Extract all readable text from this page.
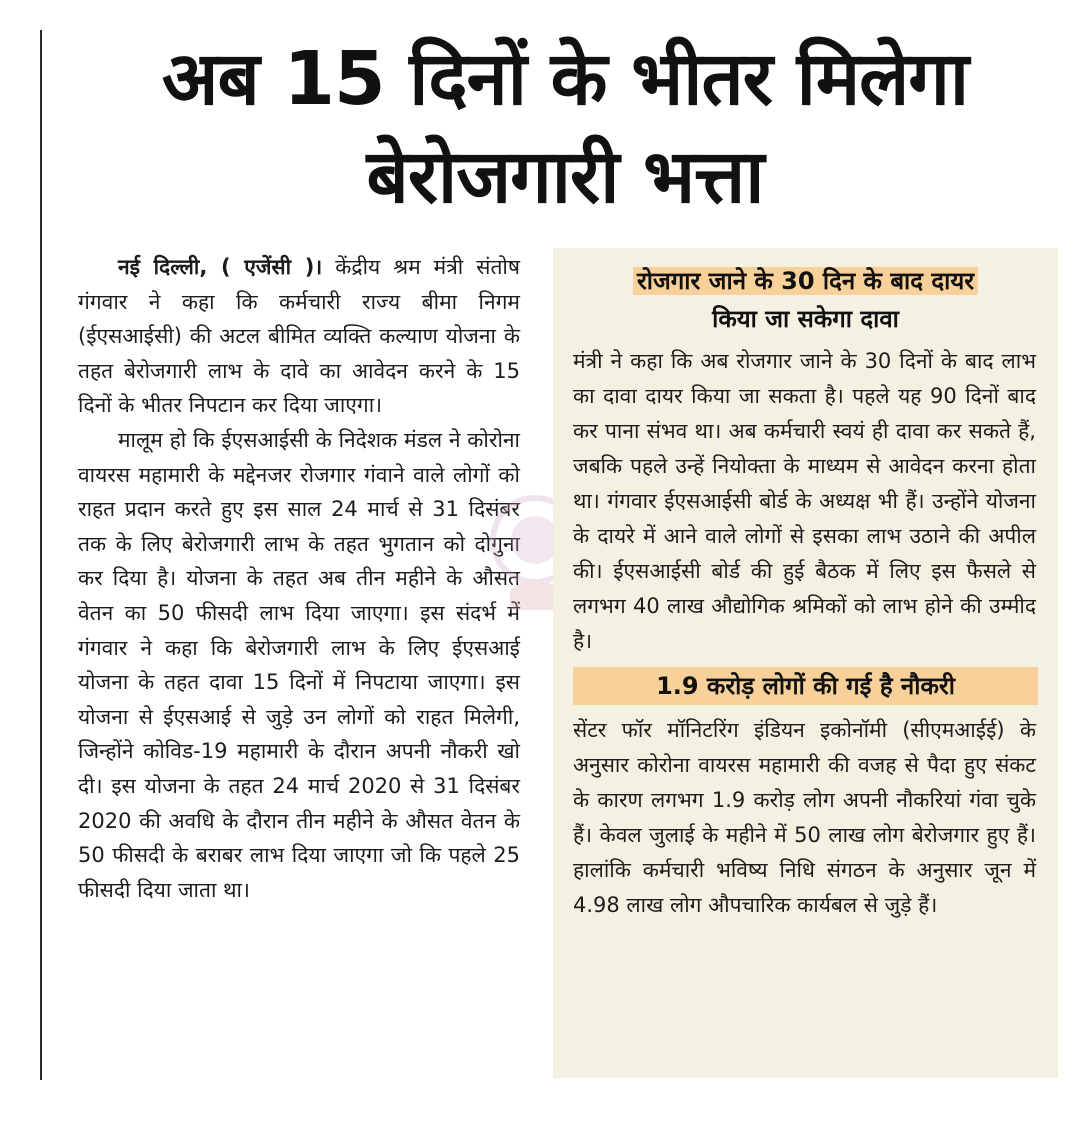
अब 15 दिनों के भीतर मिलेगा
बेरोजगारी भत्ता

नई दिल्ली, ( एजेंसी )। केंद्रीय श्रम मंत्री संतोष गंगवार ने कहा कि कर्मचारी राज्य बीमा निगम (ईएसआईसी) की अटल बीमित व्यक्ति कल्याण योजना के तहत बेरोजगारी लाभ के दावे का आवेदन करने के 15 दिनों के भीतर निपटान कर दिया जाएगा।

मालूम हो कि ईएसआईसी के निदेशक मंडल ने कोरोना वायरस महामारी के मद्देनजर रोजगार गंवाने वाले लोगों को राहत प्रदान करते हुए इस साल 24 मार्च से 31 दिसंबर तक के लिए बेरोजगारी लाभ के तहत भुगतान को दोगुना कर दिया है। योजना के तहत अब तीन महीने के औसत वेतन का 50 फीसदी लाभ दिया जाएगा। इस संदर्भ में गंगवार ने कहा कि बेरोजगारी लाभ के लिए ईएसआई योजना के तहत दावा 15 दिनों में निपटाया जाएगा। इस योजना से ईएसआई से जुड़े उन लोगों को राहत मिलेगी, जिन्होंने कोविड-19 महामारी के दौरान अपनी नौकरी खो दी। इस योजना के तहत 24 मार्च 2020 से 31 दिसंबर 2020 की अवधि के दौरान तीन महीने के औसत वेतन के 50 फीसदी के बराबर लाभ दिया जाएगा जो कि पहले 25 फीसदी दिया जाता था।

रोजगार जाने के 30 दिन के बाद दायर
किया जा सकेगा दावा
मंत्री ने कहा कि अब रोजगार जाने के 30 दिनों के बाद लाभ का दावा दायर किया जा सकता है। पहले यह 90 दिनों बाद कर पाना संभव था। अब कर्मचारी स्वयं ही दावा कर सकते हैं, जबकि पहले उन्हें नियोक्ता के माध्यम से आवेदन करना होता था। गंगवार ईएसआईसी बोर्ड के अध्यक्ष भी हैं। उन्होंने योजना के दायरे में आने वाले लोगों से इसका लाभ उठाने की अपील की। ईएसआईसी बोर्ड की हुई बैठक में लिए इस फैसले से लगभग 40 लाख औद्योगिक श्रमिकों को लाभ होने की उम्मीद है।
1.9 करोड़ लोगों की गई है नौकरी
सेंटर फॉर मॉनिटरिंग इंडियन इकोनॉमी (सीएमआईई) के अनुसार कोरोना वायरस महामारी की वजह से पैदा हुए संकट के कारण लगभग 1.9 करोड़ लोग अपनी नौकरियां गंवा चुके हैं। केवल जुलाई के महीने में 50 लाख लोग बेरोजगार हुए हैं। हालांकि कर्मचारी भविष्य निधि संगठन के अनुसार जून में 4.98 लाख लोग औपचारिक कार्यबल से जुड़े हैं।
